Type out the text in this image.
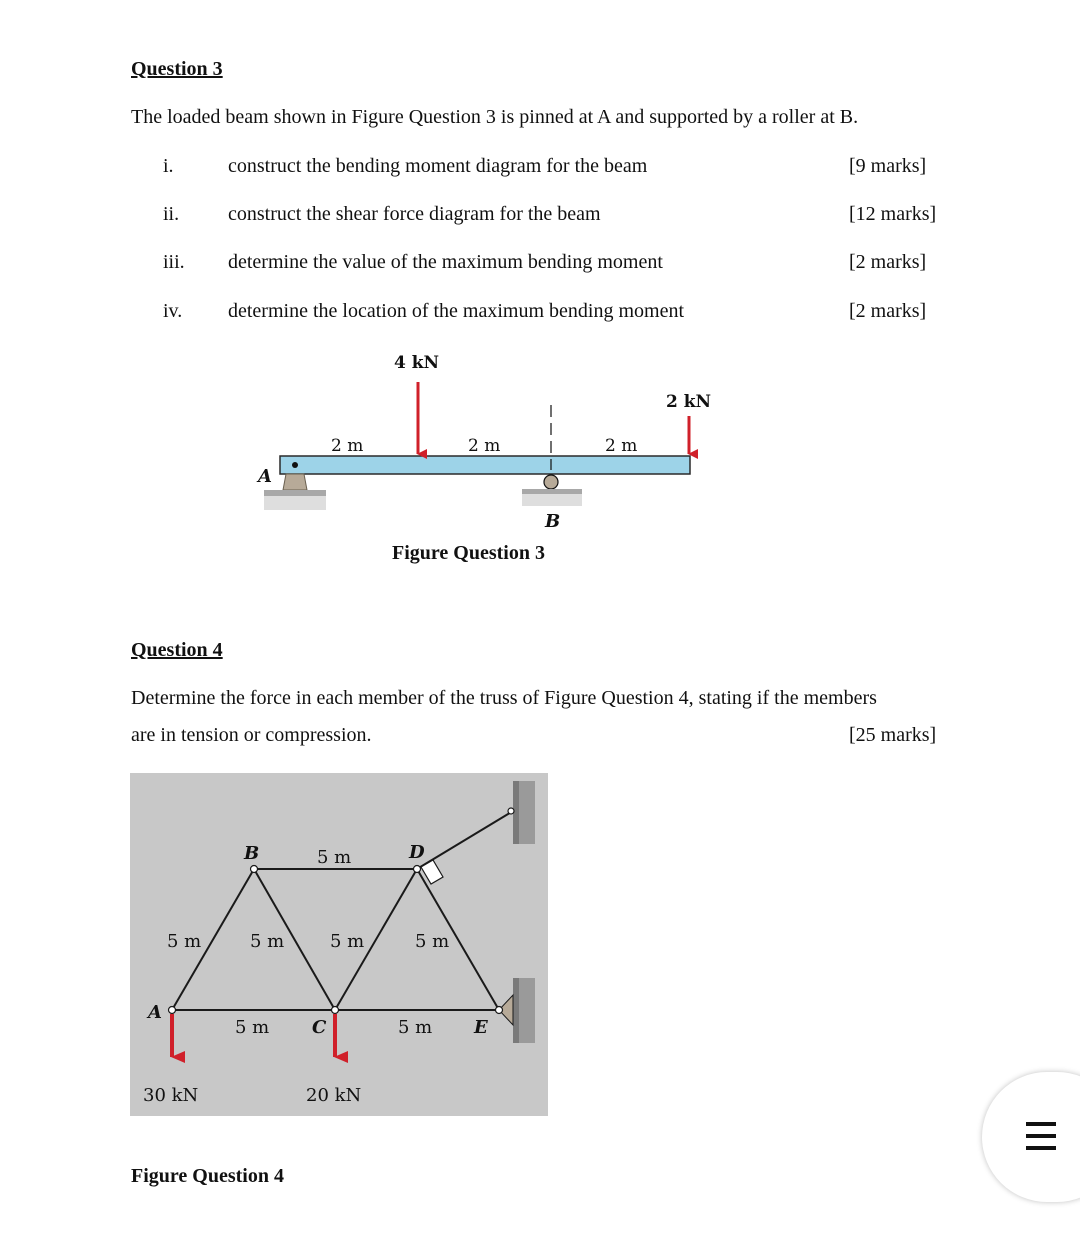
Question 3
The loaded beam shown in Figure Question 3 is pinned at A and supported by a roller at B.
i.	construct the bending moment diagram for the beam	[9 marks]
ii. construct the shear force diagram for the beam	[12 marks]
iii. determine the value of the maximum bending moment	[2 marks]
iv. determine the location of the maximum bending moment	[2 marks]
A
B
4 kN
2 kN
2 m	2 m	2 m
Figure Question 3
Question 4
Determine the force in each member of the truss of Figure Question 4, stating if the members
are in tension or compression.	[25 marks]
B	D
A
C	E
5 m
5 m	5 m	5 m	5 m
5 m	5 m
30 kN	20 kN
Figure Question 4
